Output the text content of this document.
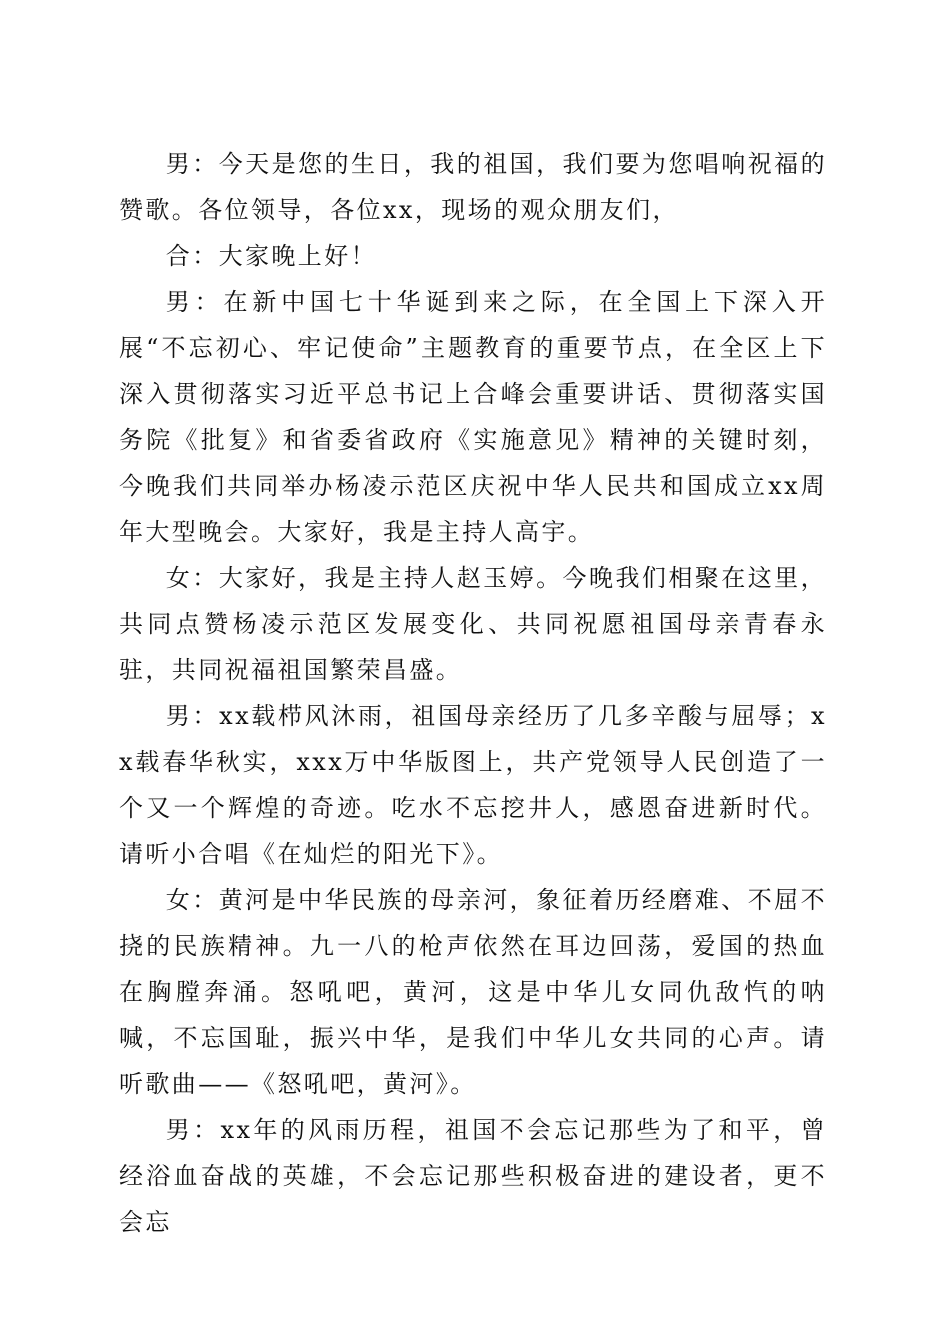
男：今天是您的生日，我的祖国，我们要为您唱响祝福的赞歌。各位领导，各位xx，现场的观众朋友们，

合：大家晚上好！

男：在新中国七十华诞到来之际，在全国上下深入开展“不忘初心、牢记使命”主题教育的重要节点，在全区上下深入贯彻落实习近平总书记上合峰会重要讲话、贯彻落实国务院《批复》和省委省政府《实施意见》精神的关键时刻，今晚我们共同举办杨凌示范区庆祝中华人民共和国成立xx周年大型晚会。大家好，我是主持人高宇。

女：大家好，我是主持人赵玉婷。今晚我们相聚在这里，共同点赞杨凌示范区发展变化、共同祝愿祖国母亲青春永驻，共同祝福祖国繁荣昌盛。

男：xx载栉风沐雨，祖国母亲经历了几多辛酸与屈辱；xx载春华秋实，xxx万中华版图上，共产党领导人民创造了一个又一个辉煌的奇迹。吃水不忘挖井人，感恩奋进新时代。请听小合唱《在灿烂的阳光下》。

女：黄河是中华民族的母亲河，象征着历经磨难、不屈不挠的民族精神。九一八的枪声依然在耳边回荡，爱国的热血在胸膛奔涌。怒吼吧，黄河，这是中华儿女同仇敌忾的呐喊，不忘国耻，振兴中华，是我们中华儿女共同的心声。请听歌曲——《怒吼吧，黄河》。

男：xx年的风雨历程，祖国不会忘记那些为了和平，曾经浴血奋战的英雄，不会忘记那些积极奋进的建设者，更不会忘
